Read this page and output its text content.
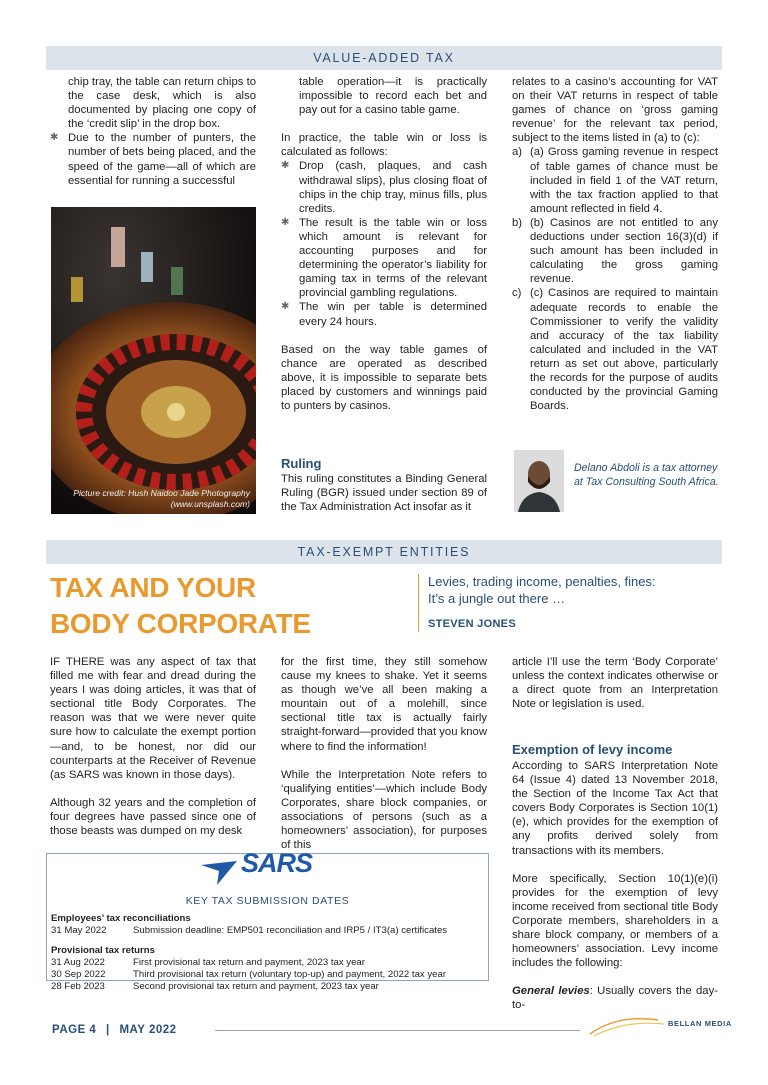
VALUE-ADDED TAX

chip tray, the table can return chips to the case desk, which is also documented by placing one copy of the ‘credit slip’ in the drop box.

✱ Due to the number of punters, the number of bets being placed, and the speed of the game—all of which are essential for running a successful

Picture credit: Hush Naidoo Jade Photography
(www.unsplash.com)

table operation—it is practically impossible to record each bet and pay out for a casino table game.

In practice, the table win or loss is calculated as follows:

✱ Drop (cash, plaques, and cash withdrawal slips), plus closing float of chips in the chip tray, minus fills, plus credits.

✱ The result is the table win or loss which amount is relevant for accounting purposes and for determining the operator’s liability for gaming tax in terms of the relevant provincial gambling regulations.

✱ The win per table is determined every 24 hours.

Based on the way table games of chance are operated as described above, it is impossible to separate bets placed by customers and winnings paid to punters by casinos.

Ruling
This ruling constitutes a Binding General Ruling (BGR) issued under section 89 of the Tax Administration Act insofar as it

relates to a casino’s accounting for VAT on their VAT returns in respect of table games of chance on ‘gross gaming revenue’ for the relevant tax period, subject to the items listed in (a) to (c):

a) (a) Gross gaming revenue in respect of table games of chance must be included in field 1 of the VAT return, with the tax fraction applied to that amount reflected in field 4.

b) (b) Casinos are not entitled to any deductions under section 16(3)(d) if such amount has been included in calculating the gross gaming revenue.

c) (c) Casinos are required to maintain adequate records to enable the Commissioner to verify the validity and accuracy of the tax liability calculated and included in the VAT return as set out above, particularly the records for the purpose of audits conducted by the provincial Gaming Boards.

Delano Abdoli is a tax attorney at Tax Consulting South Africa.
TAX-EXEMPT ENTITIES
TAX AND YOUR
BODY CORPORATE
Levies, trading income, penalties, fines:
It’s a jungle out there …
STEVEN JONES

IF THERE was any aspect of tax that filled me with fear and dread during the years I was doing articles, it was that of sectional title Body Corporates. The reason was that we were never quite sure how to calculate the exempt portion—and, to be honest, nor did our counterparts at the Receiver of Revenue (as SARS was known in those days).

Although 32 years and the completion of four degrees have passed since one of those beasts was dumped on my desk

for the first time, they still somehow cause my knees to shake. Yet it seems as though we’ve all been making a mountain out of a molehill, since sectional title tax is actually fairly straight-forward—provided that you know where to find the information!

While the Interpretation Note refers to ‘qualifying entities’—which include Body Corporates, share block companies, or associations of persons (such as a homeowners’ association), for purposes of this

article I’ll use the term ‘Body Corporate’ unless the context indicates otherwise or a direct quote from an Interpretation Note or legislation is used.

Exemption of levy income

According to SARS Interpretation Note 64 (Issue 4) dated 13 November 2018, the Section of the Income Tax Act that covers Body Corporates is Section 10(1)(e), which provides for the exemption of any profits derived solely from transactions with its members.

More specifically, Section 10(1)(e)(i) provides for the exemption of levy income received from sectional title Body Corporate members, shareholders in a share block company, or members of a homeowners’ association. Levy income includes the following:

General levies: Usually covers the day-to-

SARS
KEY TAX SUBMISSION DATES
Employees’ tax reconciliations
31 May 2022	Submission deadline: EMP501 reconciliation and IRP5 / IT3(a) certificates
Provisional tax returns
31 Aug 2022	First provisional tax return and payment, 2023 tax year
30 Sep 2022	Third provisional tax return (voluntary top-up) and payment, 2022 tax year
28 Feb 2023	Second provisional tax return and payment, 2023 tax year
PAGE 4 | MAY 2022
BELLAN MEDIA
